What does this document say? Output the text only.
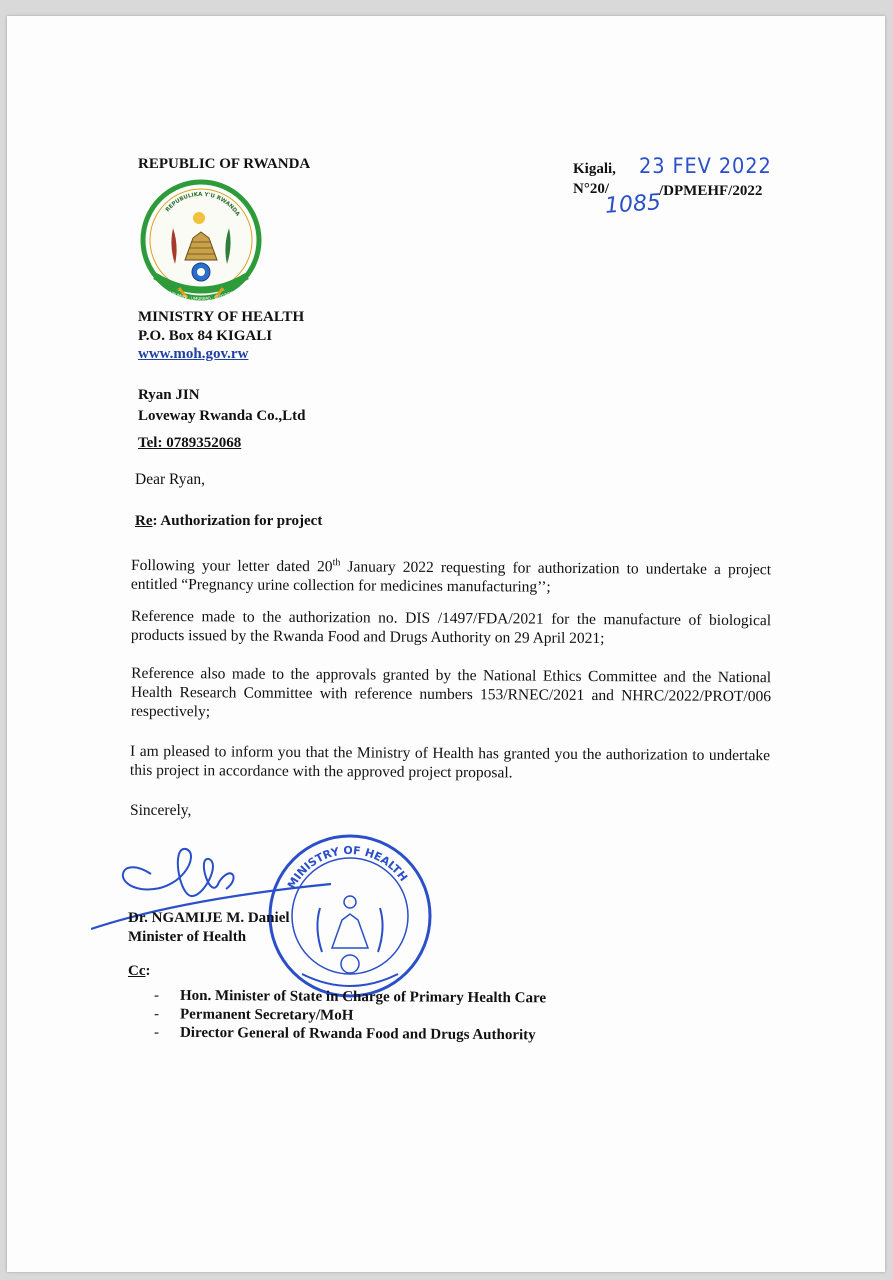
REPUBLIC OF RWANDA
REPUBULIKA Y'U RWANDA
UBUMWE - UMURIMO - GUKUNDA I
MINISTRY OF HEALTH
P.O. Box 84 KIGALI
www.moh.gov.rw
Kigali, 23 FEV 2022
N°20/	/DPMEHF/2022
1085
Ryan JIN
Loveway Rwanda Co.,Ltd
Tel: 0789352068
Dear Ryan,
Re: Authorization for project
Following your letter dated 20th January 2022 requesting for authorization to undertake a project entitled “Pregnancy urine collection for medicines manufacturing’’;
Reference made to the authorization no. DIS /1497/FDA/2021 for the manufacture of biological products issued by the Rwanda Food and Drugs Authority on 29 April 2021;
Reference also made to the approvals granted by the National Ethics Committee and the National Health Research Committee with reference numbers 153/RNEC/2021 and NHRC/2022/PROT/006 respectively;
I am pleased to inform you that the Ministry of Health has granted you the authorization to undertake this project in accordance with the approved project proposal.
Sincerely,
MINISTRY OF HEALTH
Dr. NGAMIJE M. Daniel
Minister of Health
Cc:
- Hon. Minister of State in Charge of Primary Health Care
- Permanent Secretary/MoH
- Director General of Rwanda Food and Drugs Authority
